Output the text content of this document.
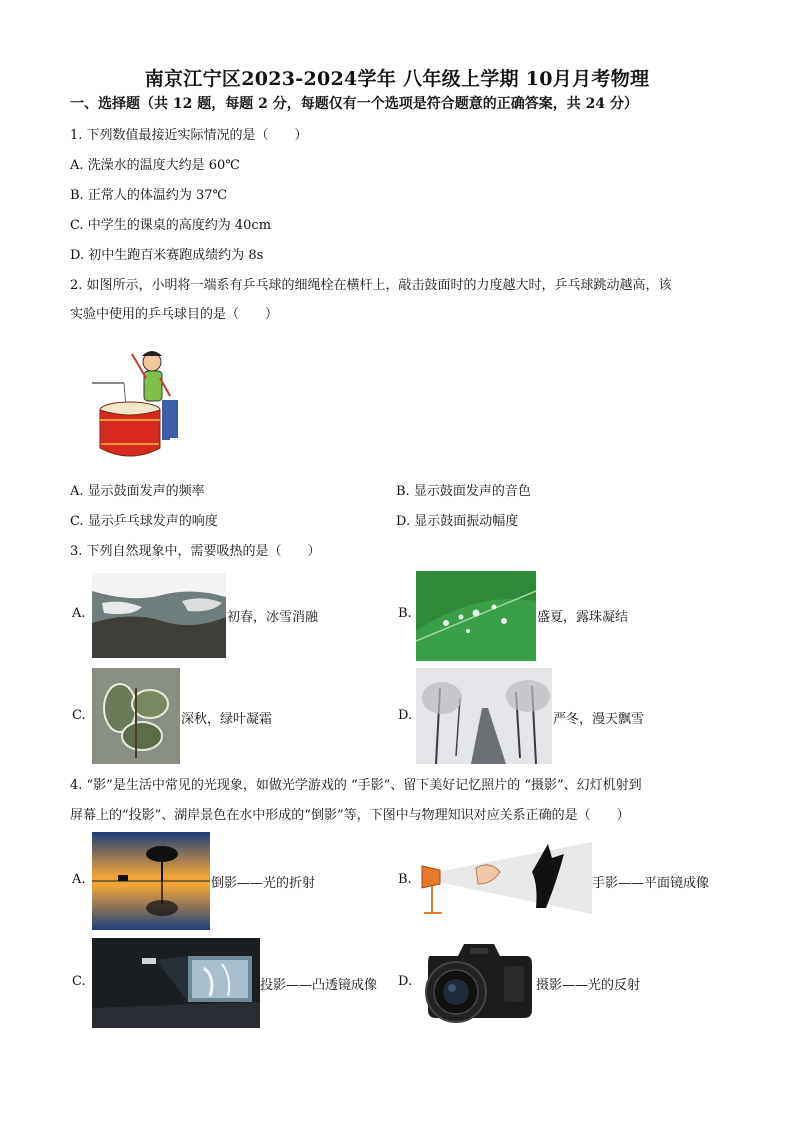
南京江宁区2023-2024学年 八年级上学期 10月月考物理
一、选择题（共 12 题，每题 2 分，每题仅有一个选项是符合题意的正确答案，共 24 分）
1. 下列数值最接近实际情况的是（　　）
A. 洗澡水的温度大约是 60℃
B. 正常人的体温约为 37℃
C. 中学生的课桌的高度约为 40cm
D. 初中生跑百米赛跑成绩约为 8s
2. 如图所示，小明将一端系有乒乓球的细绳栓在横杆上，敲击鼓面时的力度越大时，乒乓球跳动越高，该
实验中使用的乒乓球目的是（　　）
A. 显示鼓面发声的频率	B. 显示鼓面发声的音色
C. 显示乒乓球发声的响度	D. 显示鼓面振动幅度
3. 下列自然现象中，需要吸热的是（　　）
A.	初春，冰雪消融	B.	盛夏，露珠凝结
C.	深秋，绿叶凝霜	D.	严冬，漫天飘雪
4. “影”是生活中常见的光现象，如做光学游戏的 “手影”、留下美好记忆照片的 “摄影”、幻灯机射到
屏幕上的“投影”、湖岸景色在水中形成的“倒影”等，下图中与物理知识对应关系正确的是（　　）
A.	倒影——光的折射	B.	手影——平面镜成像
C.	投影——凸透镜成像 D.	摄影——光的反射
